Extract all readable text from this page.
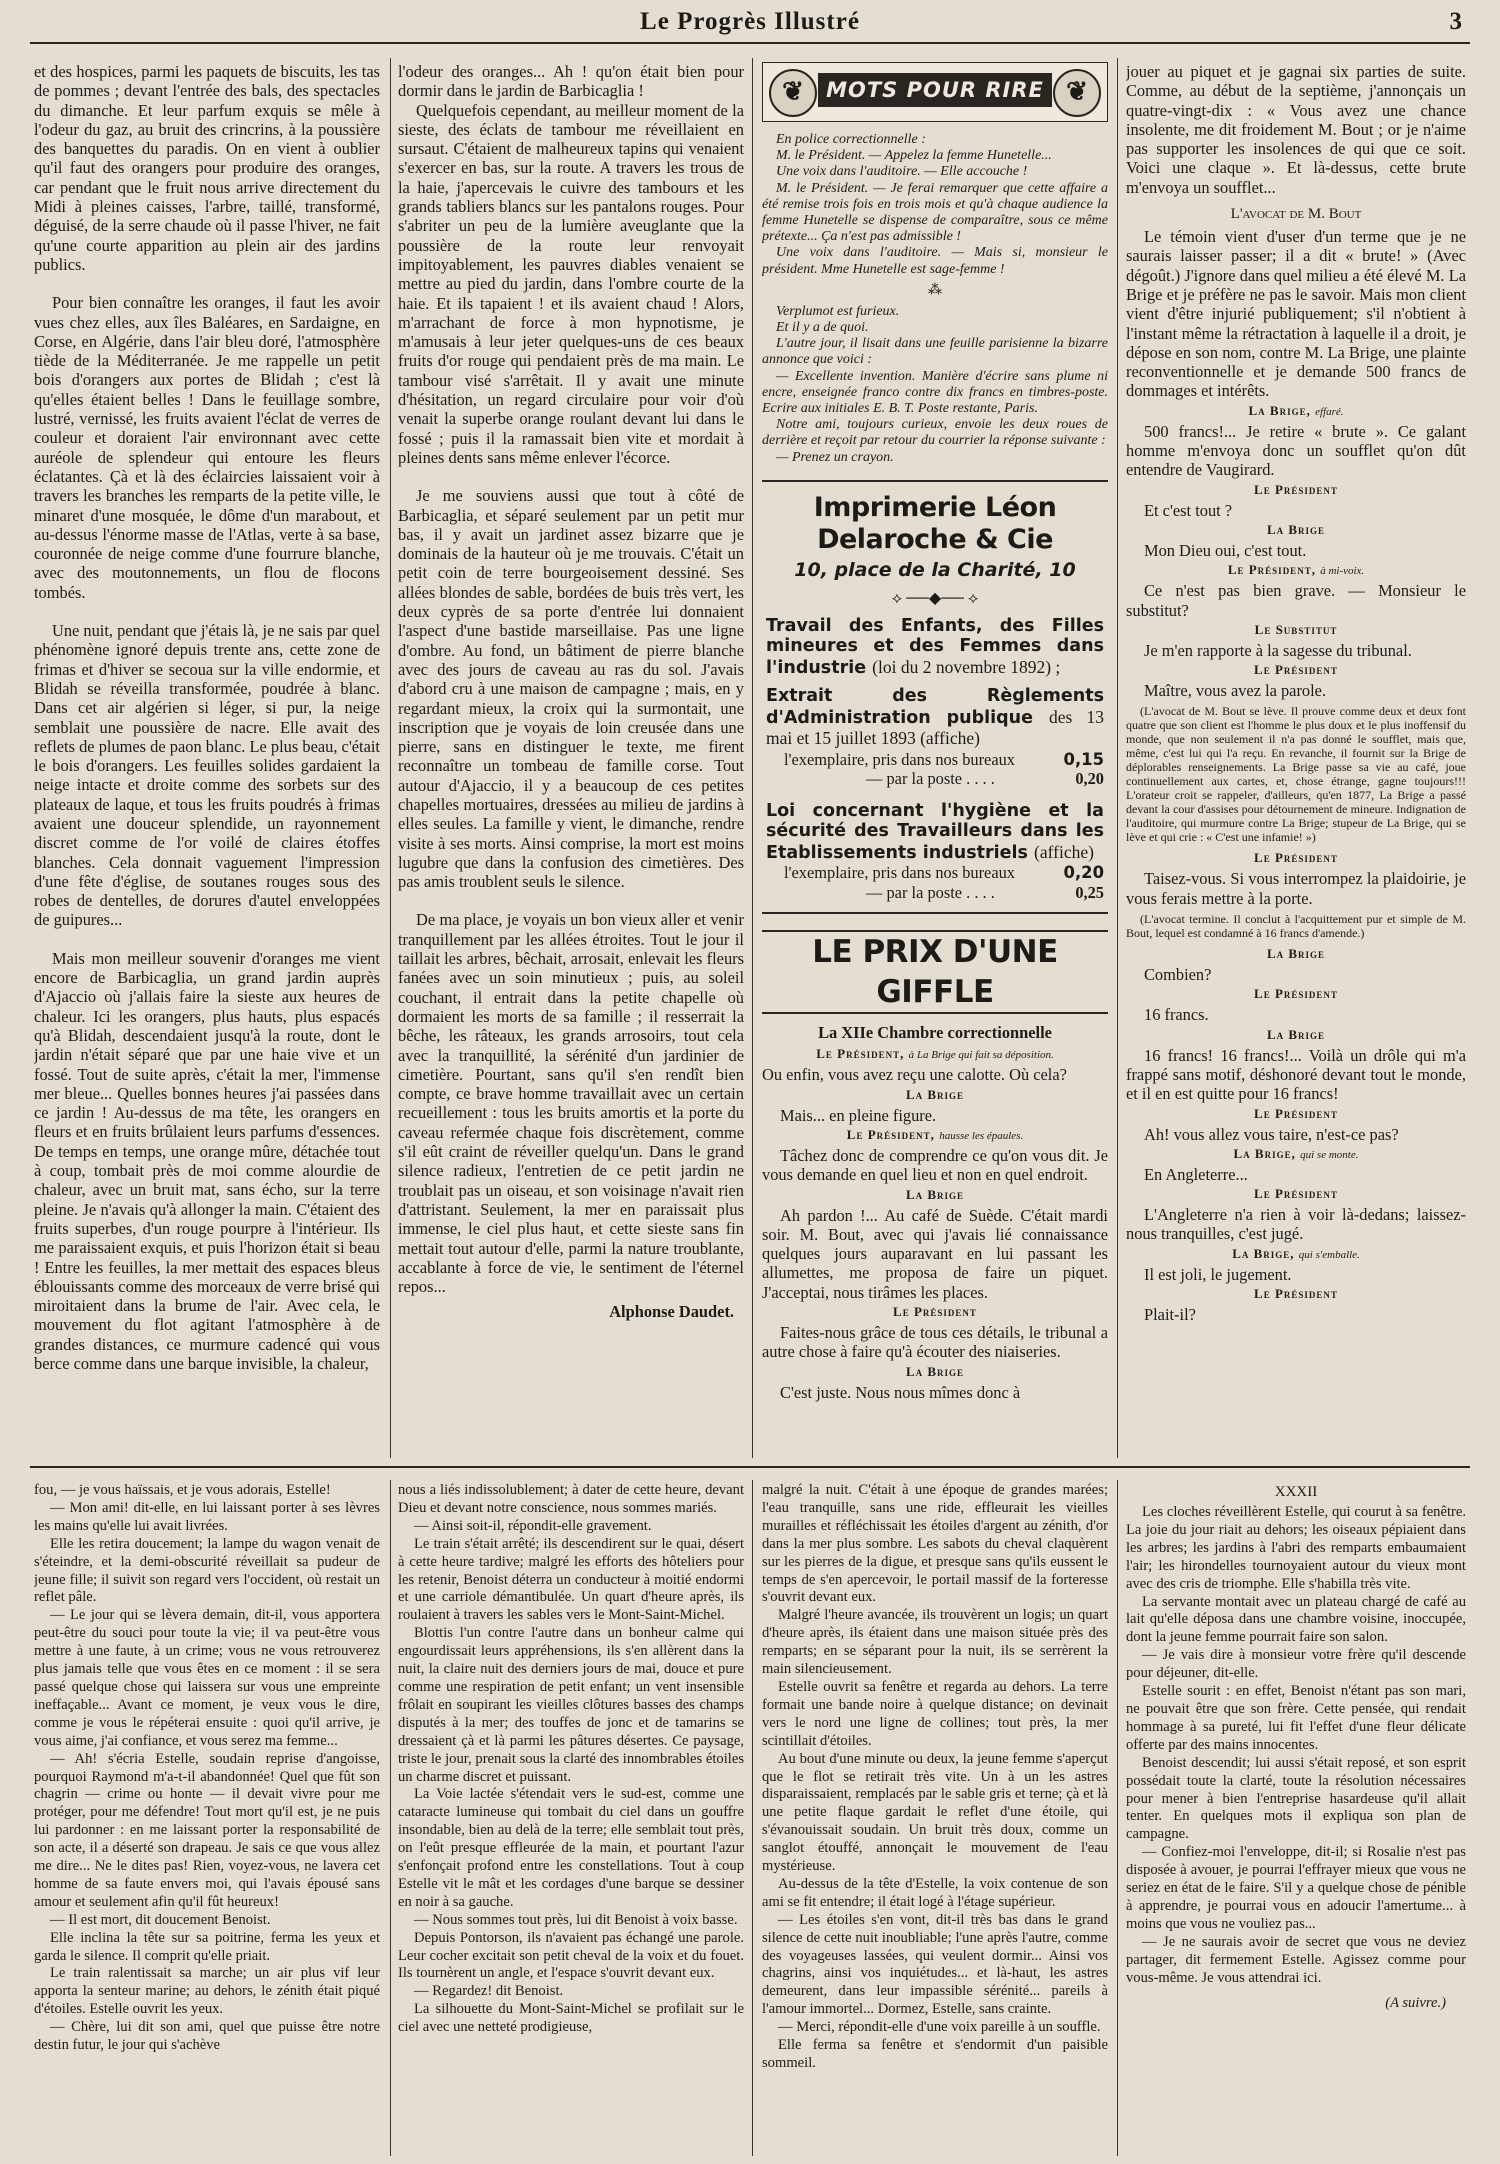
Le Progrès Illustré	3

et des hospices, parmi les paquets de biscuits, les tas de pommes ; devant l'entrée des bals, des spectacles du dimanche. Et leur parfum exquis se mêle à l'odeur du gaz, au bruit des crincrins, à la poussière des banquettes du paradis. On en vient à oublier qu'il faut des orangers pour produire des oranges, car pendant que le fruit nous arrive directement du Midi à pleines caisses, l'arbre, taillé, transformé, déguisé, de la serre chaude où il passe l'hiver, ne fait qu'une courte apparition au plein air des jardins publics.

Pour bien connaître les oranges, il faut les avoir vues chez elles, aux îles Baléares, en Sardaigne, en Corse, en Algérie, dans l'air bleu doré, l'atmosphère tiède de la Méditerranée. Je me rappelle un petit bois d'orangers aux portes de Blidah ; c'est là qu'elles étaient belles ! Dans le feuillage sombre, lustré, vernissé, les fruits avaient l'éclat de verres de couleur et doraient l'air environnant avec cette auréole de splendeur qui entoure les fleurs éclatantes. Çà et là des éclaircies laissaient voir à travers les branches les remparts de la petite ville, le minaret d'une mosquée, le dôme d'un marabout, et au-dessus l'énorme masse de l'Atlas, verte à sa base, couronnée de neige comme d'une fourrure blanche, avec des moutonnements, un flou de flocons tombés.

Une nuit, pendant que j'étais là, je ne sais par quel phénomène ignoré depuis trente ans, cette zone de frimas et d'hiver se secoua sur la ville endormie, et Blidah se réveilla transformée, poudrée à blanc. Dans cet air algérien si léger, si pur, la neige semblait une poussière de nacre. Elle avait des reflets de plumes de paon blanc. Le plus beau, c'était le bois d'orangers. Les feuilles solides gardaient la neige intacte et droite comme des sorbets sur des plateaux de laque, et tous les fruits poudrés à frimas avaient une douceur splendide, un rayonnement discret comme de l'or voilé de claires étoffes blanches. Cela donnait vaguement l'impression d'une fête d'église, de soutanes rouges sous des robes de dentelles, de dorures d'autel enveloppées de guipures...

Mais mon meilleur souvenir d'oranges me vient encore de Barbicaglia, un grand jardin auprès d'Ajaccio où j'allais faire la sieste aux heures de chaleur. Ici les orangers, plus hauts, plus espacés qu'à Blidah, descendaient jusqu'à la route, dont le jardin n'était séparé que par une haie vive et un fossé. Tout de suite après, c'était la mer, l'immense mer bleue... Quelles bonnes heures j'ai passées dans ce jardin ! Au-dessus de ma tête, les orangers en fleurs et en fruits brûlaient leurs parfums d'essences. De temps en temps, une orange mûre, détachée tout à coup, tombait près de moi comme alourdie de chaleur, avec un bruit mat, sans écho, sur la terre pleine. Je n'avais qu'à allonger la main. C'étaient des fruits superbes, d'un rouge pourpre à l'intérieur. Ils me paraissaient exquis, et puis l'horizon était si beau ! Entre les feuilles, la mer mettait des espaces bleus éblouissants comme des morceaux de verre brisé qui miroitaient dans la brume de l'air. Avec cela, le mouvement du flot agitant l'atmosphère à de grandes distances, ce murmure cadencé qui vous berce comme dans une barque invisible, la chaleur,

l'odeur des oranges... Ah ! qu'on était bien pour dormir dans le jardin de Barbicaglia !

Quelquefois cependant, au meilleur moment de la sieste, des éclats de tambour me réveillaient en sursaut. C'étaient de malheureux tapins qui venaient s'exercer en bas, sur la route. A travers les trous de la haie, j'apercevais le cuivre des tambours et les grands tabliers blancs sur les pantalons rouges. Pour s'abriter un peu de la lumière aveuglante que la poussière de la route leur renvoyait impitoyablement, les pauvres diables venaient se mettre au pied du jardin, dans l'ombre courte de la haie. Et ils tapaient ! et ils avaient chaud ! Alors, m'arrachant de force à mon hypnotisme, je m'amusais à leur jeter quelques-uns de ces beaux fruits d'or rouge qui pendaient près de ma main. Le tambour visé s'arrêtait. Il y avait une minute d'hésitation, un regard circulaire pour voir d'où venait la superbe orange roulant devant lui dans le fossé ; puis il la ramassait bien vite et mordait à pleines dents sans même enlever l'écorce.

Je me souviens aussi que tout à côté de Barbicaglia, et séparé seulement par un petit mur bas, il y avait un jardinet assez bizarre que je dominais de la hauteur où je me trouvais. C'était un petit coin de terre bourgeoisement dessiné. Ses allées blondes de sable, bordées de buis très vert, les deux cyprès de sa porte d'entrée lui donnaient l'aspect d'une bastide marseillaise. Pas une ligne d'ombre. Au fond, un bâtiment de pierre blanche avec des jours de caveau au ras du sol. J'avais d'abord cru à une maison de campagne ; mais, en y regardant mieux, la croix qui la surmontait, une inscription que je voyais de loin creusée dans une pierre, sans en distinguer le texte, me firent reconnaître un tombeau de famille corse. Tout autour d'Ajaccio, il y a beaucoup de ces petites chapelles mortuaires, dressées au milieu de jardins à elles seules. La famille y vient, le dimanche, rendre visite à ses morts. Ainsi comprise, la mort est moins lugubre que dans la confusion des cimetières. Des pas amis troublent seuls le silence.

De ma place, je voyais un bon vieux aller et venir tranquillement par les allées étroites. Tout le jour il taillait les arbres, bêchait, arrosait, enlevait les fleurs fanées avec un soin minutieux ; puis, au soleil couchant, il entrait dans la petite chapelle où dormaient les morts de sa famille ; il resserrait la bêche, les râteaux, les grands arrosoirs, tout cela avec la tranquillité, la sérénité d'un jardinier de cimetière. Pourtant, sans qu'il s'en rendît bien compte, ce brave homme travaillait avec un certain recueillement : tous les bruits amortis et la porte du caveau refermée chaque fois discrètement, comme s'il eût craint de réveiller quelqu'un. Dans le grand silence radieux, l'entretien de ce petit jardin ne troublait pas un oiseau, et son voisinage n'avait rien d'attristant. Seulement, la mer en paraissait plus immense, le ciel plus haut, et cette sieste sans fin mettait tout autour d'elle, parmi la nature troublante, accablante à force de vie, le sentiment de l'éternel repos...

Alphonse Daudet.
❦	MOTS POUR RIRE ❦

En police correctionnelle :

M. le Président. — Appelez la femme Hunetelle...

Une voix dans l'auditoire. — Elle accouche !

M. le Président. — Je ferai remarquer que cette affaire a été remise trois fois en trois mois et qu'à chaque audience la femme Hunetelle se dispense de comparaître, sous ce même prétexte... Ça n'est pas admissible !

Une voix dans l'auditoire. — Mais si, monsieur le président. Mme Hunetelle est sage-femme !

⁂

Verplumot est furieux.

Et il y a de quoi.

L'autre jour, il lisait dans une feuille parisienne la bizarre annonce que voici :

— Excellente invention. Manière d'écrire sans plume ni encre, enseignée franco contre dix francs en timbres-poste. Ecrire aux initiales E. B. T. Poste restante, Paris.

Notre ami, toujours curieux, envoie les deux roues de derrière et reçoit par retour du courrier la réponse suivante :

— Prenez un crayon.

Imprimerie Léon Delaroche & Cie
10, place de la Charité, 10
⟡ ──◆── ⟡
Travail des Enfants, des Filles mineures et des Femmes dans l'industrie (loi du 2 novembre 1892) ;
Extrait des Règlements d'Administration publique des 13 mai et 15 juillet 1893 (affiche)
l'exemplaire, pris dans nos bureaux	0,15
— par la poste . . . .	0,20
Loi concernant l'hygiène et la sécurité des Travailleurs dans les Etablissements industriels (affiche)
l'exemplaire, pris dans nos bureaux	0,20
— par la poste . . . .	0,25
LE PRIX D'UNE GIFFLE
La XIIe Chambre correctionnelle

Le Président, à La Brige qui fait sa déposition.

Ou enfin, vous avez reçu une calotte. Où cela?

La Brige

Mais... en pleine figure.

Le Président, hausse les épaules.

Tâchez donc de comprendre ce qu'on vous dit. Je vous demande en quel lieu et non en quel endroit.

La Brige

Ah pardon !... Au café de Suède. C'était mardi soir. M. Bout, avec qui j'avais lié connaissance quelques jours auparavant en lui passant les allumettes, me proposa de faire un piquet. J'acceptai, nous tirâmes les places.

Le Président

Faites-nous grâce de tous ces détails, le tribunal a autre chose à faire qu'à écouter des niaiseries.

La Brige

C'est juste. Nous nous mîmes donc à

jouer au piquet et je gagnai six parties de suite. Comme, au début de la septième, j'annonçais un quatre-vingt-dix : « Vous avez une chance insolente, me dit froidement M. Bout ; or je n'aime pas supporter les insolences de qui que ce soit. Voici une claque ». Et là-dessus, cette brute m'envoya un soufflet...

L'avocat de M. Bout

Le témoin vient d'user d'un terme que je ne saurais laisser passer; il a dit « brute! » (Avec dégoût.) J'ignore dans quel milieu a été élevé M. La Brige et je préfère ne pas le savoir. Mais mon client vient d'être injurié publiquement; s'il n'obtient à l'instant même la rétractation à laquelle il a droit, je dépose en son nom, contre M. La Brige, une plainte reconventionnelle et je demande 500 francs de dommages et intérêts.

La Brige, effaré.

500 francs!... Je retire « brute ». Ce galant homme m'envoya donc un soufflet qu'on dût entendre de Vaugirard.

Le Président

Et c'est tout ?

La Brige

Mon Dieu oui, c'est tout.

Le Président, à mi-voix.

Ce n'est pas bien grave. — Monsieur le substitut?

Le Substitut

Je m'en rapporte à la sagesse du tribunal.

Le Président

Maître, vous avez la parole.

(L'avocat de M. Bout se lève. Il prouve comme deux et deux font quatre que son client est l'homme le plus doux et le plus inoffensif du monde, que non seulement il n'a pas donné le soufflet, mais que, même, c'est lui qui l'a reçu. En revanche, il fournit sur la Brige de déplorables renseignements. La Brige passe sa vie au café, joue continuellement aux cartes, et, chose étrange, gagne toujours!!! L'orateur croit se rappeler, d'ailleurs, qu'en 1877, La Brige a passé devant la cour d'assises pour détournement de mineure. Indignation de l'auditoire, qui murmure contre La Brige; stupeur de La Brige, qui se lève et qui crie : « C'est une infamie! »)

Le Président

Taisez-vous. Si vous interrompez la plaidoirie, je vous ferais mettre à la porte.

(L'avocat termine. Il conclut à l'acquittement pur et simple de M. Bout, lequel est condamné à 16 francs d'amende.)

La Brige

Combien?

Le Président

16 francs.

La Brige

16 francs! 16 francs!... Voilà un drôle qui m'a frappé sans motif, déshonoré devant tout le monde, et il en est quitte pour 16 francs!

Le Président

Ah! vous allez vous taire, n'est-ce pas?

La Brige, qui se monte.

En Angleterre...

Le Président

L'Angleterre n'a rien à voir là-dedans; laissez-nous tranquilles, c'est jugé.

La Brige, qui s'emballe.

Il est joli, le jugement.

Le Président

Plait-il?

fou, — je vous haïssais, et je vous adorais, Estelle!

— Mon ami! dit-elle, en lui laissant porter à ses lèvres les mains qu'elle lui avait livrées.

Elle les retira doucement; la lampe du wagon venait de s'éteindre, et la demi-obscurité réveillait sa pudeur de jeune fille; il suivit son regard vers l'occident, où restait un reflet pâle.

— Le jour qui se lèvera demain, dit-il, vous apportera peut-être du souci pour toute la vie; il va peut-être vous mettre à une faute, à un crime; vous ne vous retrouverez plus jamais telle que vous êtes en ce moment : il se sera passé quelque chose qui laissera sur vous une empreinte ineffaçable... Avant ce moment, je veux vous le dire, comme je vous le répéterai ensuite : quoi qu'il arrive, je vous aime, j'ai confiance, et vous serez ma femme...

— Ah! s'écria Estelle, soudain reprise d'angoisse, pourquoi Raymond m'a-t-il abandonnée! Quel que fût son chagrin — crime ou honte — il devait vivre pour me protéger, pour me défendre! Tout mort qu'il est, je ne puis lui pardonner : en me laissant porter la responsabilité de son acte, il a déserté son drapeau. Je sais ce que vous allez me dire... Ne le dites pas! Rien, voyez-vous, ne lavera cet homme de sa faute envers moi, qui l'avais épousé sans amour et seulement afin qu'il fût heureux!

— Il est mort, dit doucement Benoist.

Elle inclina la tête sur sa poitrine, ferma les yeux et garda le silence. Il comprit qu'elle priait.

Le train ralentissait sa marche; un air plus vif leur apporta la senteur marine; au dehors, le zénith était piqué d'étoiles. Estelle ouvrit les yeux.

— Chère, lui dit son ami, quel que puisse être notre destin futur, le jour qui s'achève

nous a liés indissolublement; à dater de cette heure, devant Dieu et devant notre conscience, nous sommes mariés.

— Ainsi soit-il, répondit-elle gravement.

Le train s'était arrêté; ils descendirent sur le quai, désert à cette heure tardive; malgré les efforts des hôteliers pour les retenir, Benoist déterra un conducteur à moitié endormi et une carriole démantibulée. Un quart d'heure après, ils roulaient à travers les sables vers le Mont-Saint-Michel.

Blottis l'un contre l'autre dans un bonheur calme qui engourdissait leurs appréhensions, ils s'en allèrent dans la nuit, la claire nuit des derniers jours de mai, douce et pure comme une respiration de petit enfant; un vent insensible frôlait en soupirant les vieilles clôtures basses des champs disputés à la mer; des touffes de jonc et de tamarins se dressaient çà et là parmi les pâtures désertes. Ce paysage, triste le jour, prenait sous la clarté des innombrables étoiles un charme discret et puissant.

La Voie lactée s'étendait vers le sud-est, comme une cataracte lumineuse qui tombait du ciel dans un gouffre insondable, bien au delà de la terre; elle semblait tout près, on l'eût presque effleurée de la main, et pourtant l'azur s'enfonçait profond entre les constellations. Tout à coup Estelle vit le mât et les cordages d'une barque se dessiner en noir à sa gauche.

— Nous sommes tout près, lui dit Benoist à voix basse.

Depuis Pontorson, ils n'avaient pas échangé une parole. Leur cocher excitait son petit cheval de la voix et du fouet. Ils tournèrent un angle, et l'espace s'ouvrit devant eux.

— Regardez! dit Benoist.

La silhouette du Mont-Saint-Michel se profilait sur le ciel avec une netteté prodigieuse,

malgré la nuit. C'était à une époque de grandes marées; l'eau tranquille, sans une ride, effleurait les vieilles murailles et réfléchissait les étoiles d'argent au zénith, d'or dans la mer plus sombre. Les sabots du cheval claquèrent sur les pierres de la digue, et presque sans qu'ils eussent le temps de s'en apercevoir, le portail massif de la forteresse s'ouvrit devant eux.

Malgré l'heure avancée, ils trouvèrent un logis; un quart d'heure après, ils étaient dans une maison située près des remparts; en se séparant pour la nuit, ils se serrèrent la main silencieusement.

Estelle ouvrit sa fenêtre et regarda au dehors. La terre formait une bande noire à quelque distance; on devinait vers le nord une ligne de collines; tout près, la mer scintillait d'étoiles.

Au bout d'une minute ou deux, la jeune femme s'aperçut que le flot se retirait très vite. Un à un les astres disparaissaient, remplacés par le sable gris et terne; çà et là une petite flaque gardait le reflet d'une étoile, qui s'évanouissait soudain. Un bruit très doux, comme un sanglot étouffé, annonçait le mouvement de l'eau mystérieuse.

Au-dessus de la tête d'Estelle, la voix contenue de son ami se fit entendre; il était logé à l'étage supérieur.

— Les étoiles s'en vont, dit-il très bas dans le grand silence de cette nuit inoubliable; l'une après l'autre, comme des voyageuses lassées, qui veulent dormir... Ainsi vos chagrins, ainsi vos inquiétudes... et là-haut, les astres demeurent, dans leur impassible sérénité... pareils à l'amour immortel... Dormez, Estelle, sans crainte.

— Merci, répondit-elle d'une voix pareille à un souffle.

Elle ferma sa fenêtre et s'endormit d'un paisible sommeil.

XXXII

Les cloches réveillèrent Estelle, qui courut à sa fenêtre. La joie du jour riait au dehors; les oiseaux pépiaient dans les arbres; les jardins à l'abri des remparts embaumaient l'air; les hirondelles tournoyaient autour du vieux mont avec des cris de triomphe. Elle s'habilla très vite.

La servante montait avec un plateau chargé de café au lait qu'elle déposa dans une chambre voisine, inoccupée, dont la jeune femme pourrait faire son salon.

— Je vais dire à monsieur votre frère qu'il descende pour déjeuner, dit-elle.

Estelle sourit : en effet, Benoist n'étant pas son mari, ne pouvait être que son frère. Cette pensée, qui rendait hommage à sa pureté, lui fit l'effet d'une fleur délicate offerte par des mains innocentes.

Benoist descendit; lui aussi s'était reposé, et son esprit possédait toute la clarté, toute la résolution nécessaires pour mener à bien l'entreprise hasardeuse qu'il allait tenter. En quelques mots il expliqua son plan de campagne.

— Confiez-moi l'enveloppe, dit-il; si Rosalie n'est pas disposée à avouer, je pourrai l'effrayer mieux que vous ne seriez en état de le faire. S'il y a quelque chose de pénible à apprendre, je pourrai vous en adoucir l'amertume... à moins que vous ne vouliez pas...

— Je ne saurais avoir de secret que vous ne deviez partager, dit fermement Estelle. Agissez comme pour vous-même. Je vous attendrai ici.

(A suivre.)
